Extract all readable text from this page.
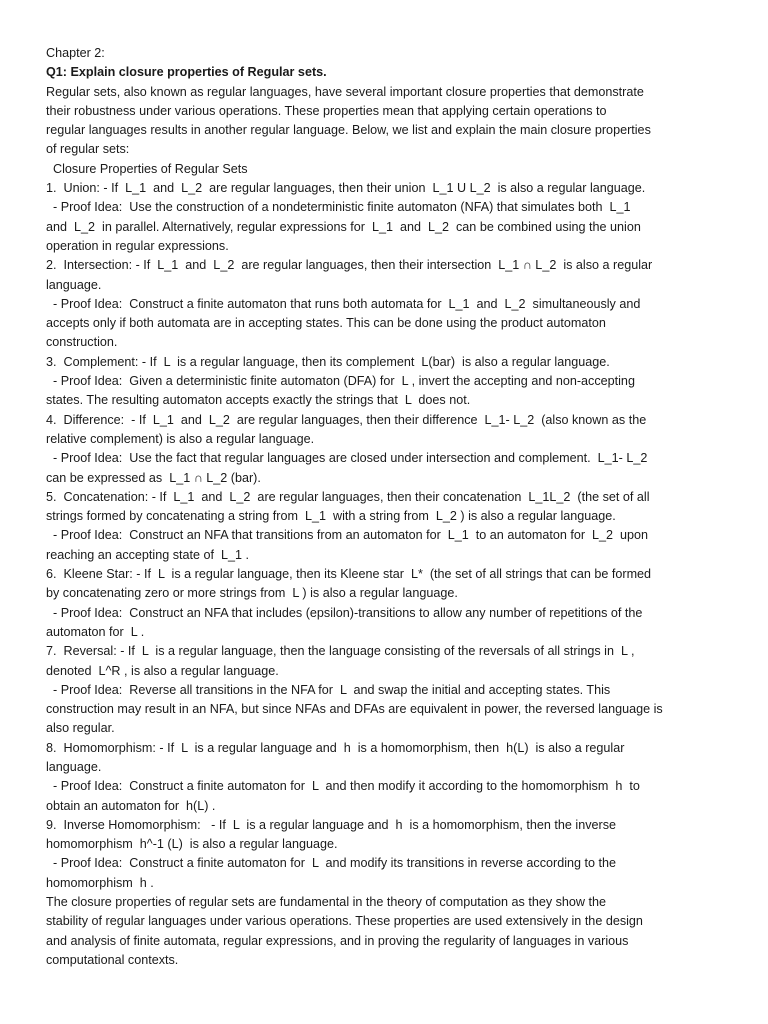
Chapter 2:
Q1: Explain closure properties of Regular sets.
Regular sets, also known as regular languages, have several important closure properties that demonstrate
their robustness under various operations. These properties mean that applying certain operations to
regular languages results in another regular language. Below, we list and explain the main closure properties
of regular sets:
Closure Properties of Regular Sets
1.  Union: - If  L_1  and  L_2  are regular languages, then their union  L_1 U L_2  is also a regular language.
- Proof Idea:  Use the construction of a nondeterministic finite automaton (NFA) that simulates both  L_1
and  L_2  in parallel. Alternatively, regular expressions for  L_1  and  L_2  can be combined using the union
operation in regular expressions.
2.  Intersection: - If  L_1  and  L_2  are regular languages, then their intersection  L_1 ∩ L_2  is also a regular
language.
- Proof Idea:  Construct a finite automaton that runs both automata for  L_1  and  L_2  simultaneously and
accepts only if both automata are in accepting states. This can be done using the product automaton
construction.
3.  Complement: - If  L  is a regular language, then its complement  L(bar)  is also a regular language.
- Proof Idea:  Given a deterministic finite automaton (DFA) for  L , invert the accepting and non-accepting
states. The resulting automaton accepts exactly the strings that  L  does not.
4.  Difference:  - If  L_1  and  L_2  are regular languages, then their difference  L_1- L_2  (also known as the
relative complement) is also a regular language.
- Proof Idea:  Use the fact that regular languages are closed under intersection and complement.  L_1- L_2
can be expressed as  L_1 ∩ L_2 (bar).
5.  Concatenation: - If  L_1  and  L_2  are regular languages, then their concatenation  L_1L_2  (the set of all
strings formed by concatenating a string from  L_1  with a string from  L_2 ) is also a regular language.
- Proof Idea:  Construct an NFA that transitions from an automaton for  L_1  to an automaton for  L_2  upon
reaching an accepting state of  L_1 .
6.  Kleene Star: - If  L  is a regular language, then its Kleene star  L*  (the set of all strings that can be formed
by concatenating zero or more strings from  L ) is also a regular language.
- Proof Idea:  Construct an NFA that includes (epsilon)-transitions to allow any number of repetitions of the
automaton for  L .
7.  Reversal: - If  L  is a regular language, then the language consisting of the reversals of all strings in  L ,
denoted  L^R , is also a regular language.
- Proof Idea:  Reverse all transitions in the NFA for  L  and swap the initial and accepting states. This
construction may result in an NFA, but since NFAs and DFAs are equivalent in power, the reversed language is
also regular.
8.  Homomorphism: - If  L  is a regular language and  h  is a homomorphism, then  h(L)  is also a regular
language.
- Proof Idea:  Construct a finite automaton for  L  and then modify it according to the homomorphism  h  to
obtain an automaton for  h(L) .
9.  Inverse Homomorphism:   - If  L  is a regular language and  h  is a homomorphism, then the inverse
homomorphism  h^-1 (L)  is also a regular language.
- Proof Idea:  Construct a finite automaton for  L  and modify its transitions in reverse according to the
homomorphism  h .
The closure properties of regular sets are fundamental in the theory of computation as they show the
stability of regular languages under various operations. These properties are used extensively in the design
and analysis of finite automata, regular expressions, and in proving the regularity of languages in various
computational contexts.
